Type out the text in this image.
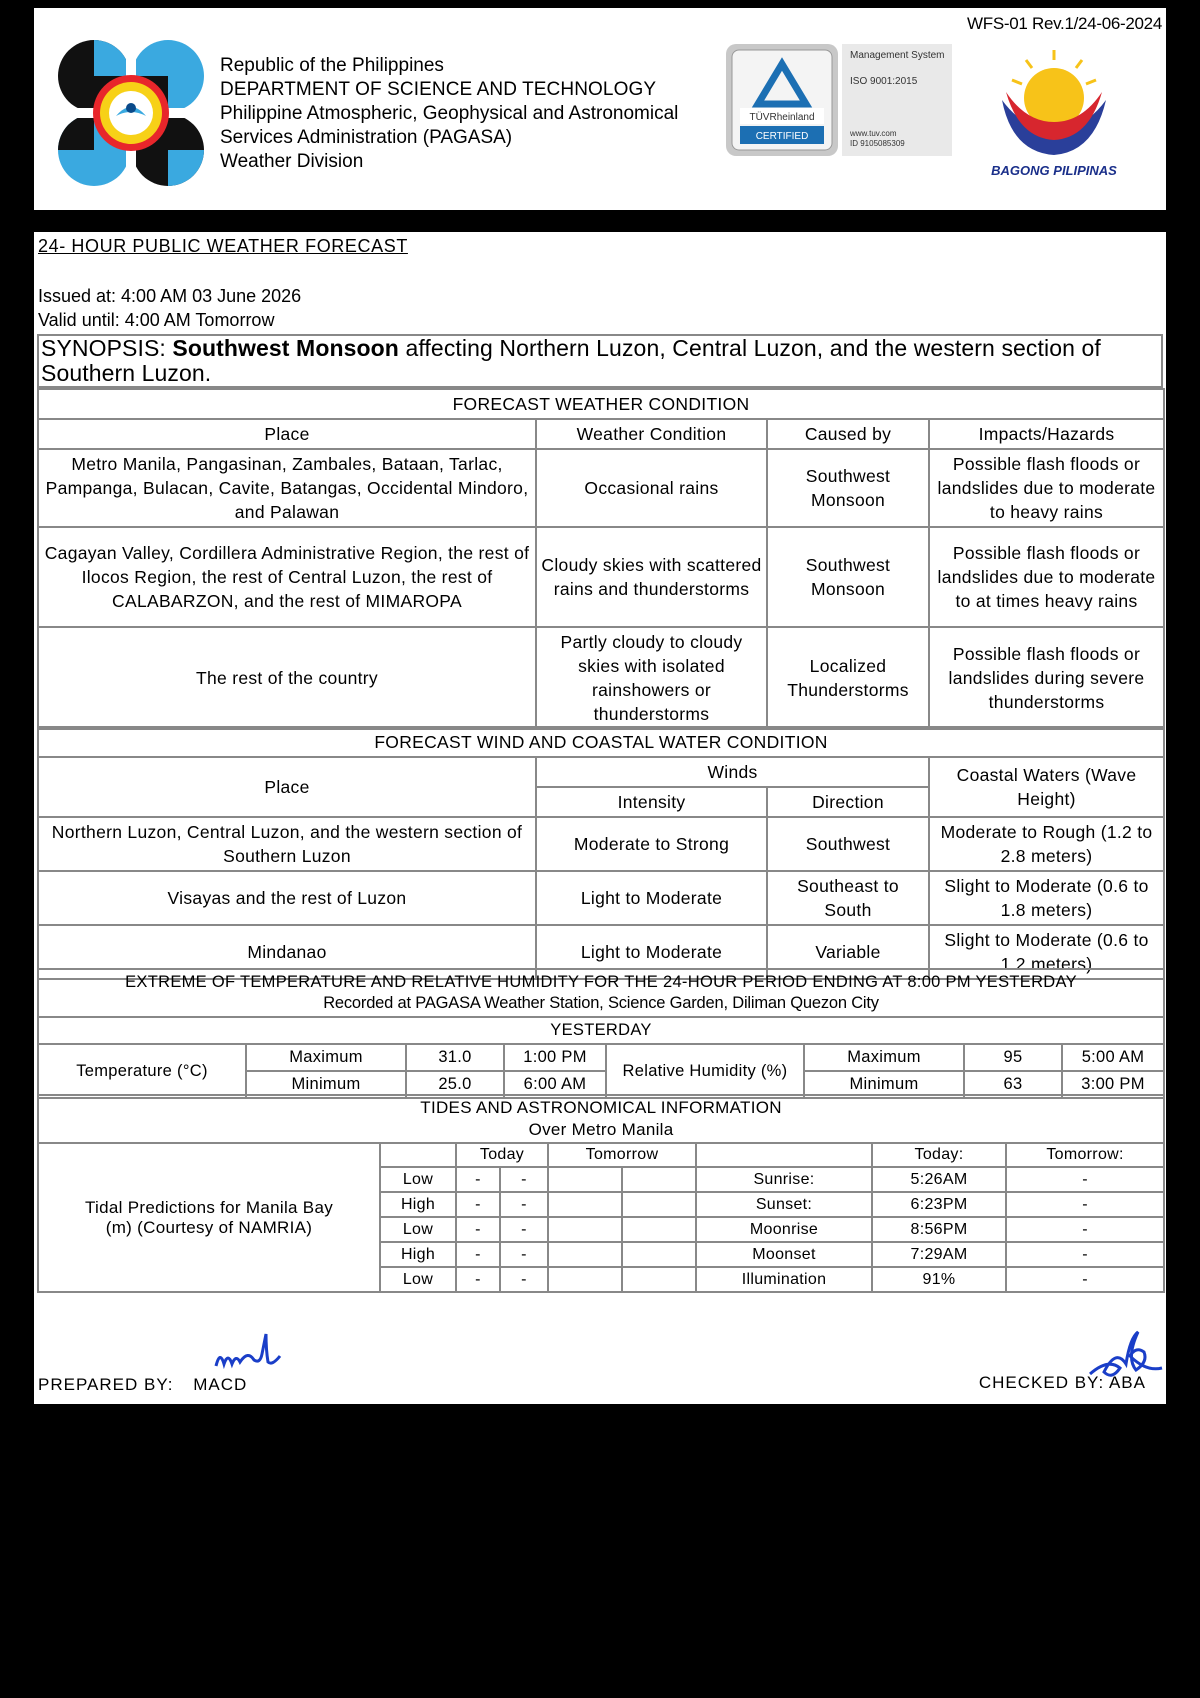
WFS-01 Rev.1/24-06-2024
Republic of the Philippines
DEPARTMENT OF SCIENCE AND TECHNOLOGY
Philippine Atmospheric, Geophysical and Astronomical
Services Administration (PAGASA)
Weather Division
TÜVRheinland
CERTIFIED
Management System
ISO 9001:2015
www.tuv.com
ID 9105085309
BAGONG PILIPINAS
24- HOUR PUBLIC WEATHER FORECAST
Issued at: 4:00 AM 03 June 2026
Valid until: 4:00 AM Tomorrow
SYNOPSIS: Southwest Monsoon affecting Northern Luzon, Central Luzon, and the western section of Southern Luzon.
FORECAST WEATHER CONDITION			
Place	Weather Condition	Caused by	Impacts/Hazards
Metro Manila, Pangasinan, Zambales, Bataan, Tarlac, Pampanga, Bulacan, Cavite, Batangas, Occidental Mindoro, and Palawan	Occasional rains	Southwest Monsoon	Possible flash floods or landslides due to moderate to heavy rains
Cagayan Valley, Cordillera Administrative Region, the rest of Ilocos Region, the rest of Central Luzon, the rest of CALABARZON, and the rest of MIMAROPA	Cloudy skies with scattered rains and thunderstorms	Southwest Monsoon	Possible flash floods or landslides due to moderate to at times heavy rains
The rest of the country	Partly cloudy to cloudy skies with isolated rainshowers or thunderstorms	Localized Thunderstorms	Possible flash floods or landslides during severe thunderstorms
FORECAST WIND AND COASTAL WATER CONDITION			
Place	Winds		Coastal Waters (Wave Height)
	Intensity	Direction	
Northern Luzon, Central Luzon, and the western section of Southern Luzon	Moderate to Strong	Southwest	Moderate to Rough (1.2 to 2.8 meters)
Visayas and the rest of Luzon	Light to Moderate	Southeast to South	Slight to Moderate (0.6 to 1.8 meters)
Mindanao	Light to Moderate	Variable	Slight to Moderate (0.6 to 1.2 meters)
EXTREME OF TEMPERATURE AND RELATIVE HUMIDITY FOR THE 24-HOUR PERIOD ENDING AT 8:00 PM YESTERDAY
Recorded at PAGASA Weather Station, Science Garden, Diliman Quezon City							

YESTERDAY							
Temperature (°C)	Maximum	31.0	1:00 PM	Relative Humidity (%)	Maximum	95	5:00 AM
	Minimum	25.0	6:00 AM		Minimum	63	3:00 PM
TIDES AND ASTRONOMICAL INFORMATION
Over Metro Manila								

Tidal Predictions for Manila Bay (m) (Courtesy of NAMRIA)		Today		Tomorrow			Today:	Tomorrow:
	Low	-	-			Sunrise:	5:26AM	-
	High	-	-			Sunset:	6:23PM	-
	Low	-	-			Moonrise	8:56PM	-
	High	-	-			Moonset	7:29AM	-
	Low	-	-			Illumination	91%	-
PREPARED BY: MACD	CHECKED BY: ABA
